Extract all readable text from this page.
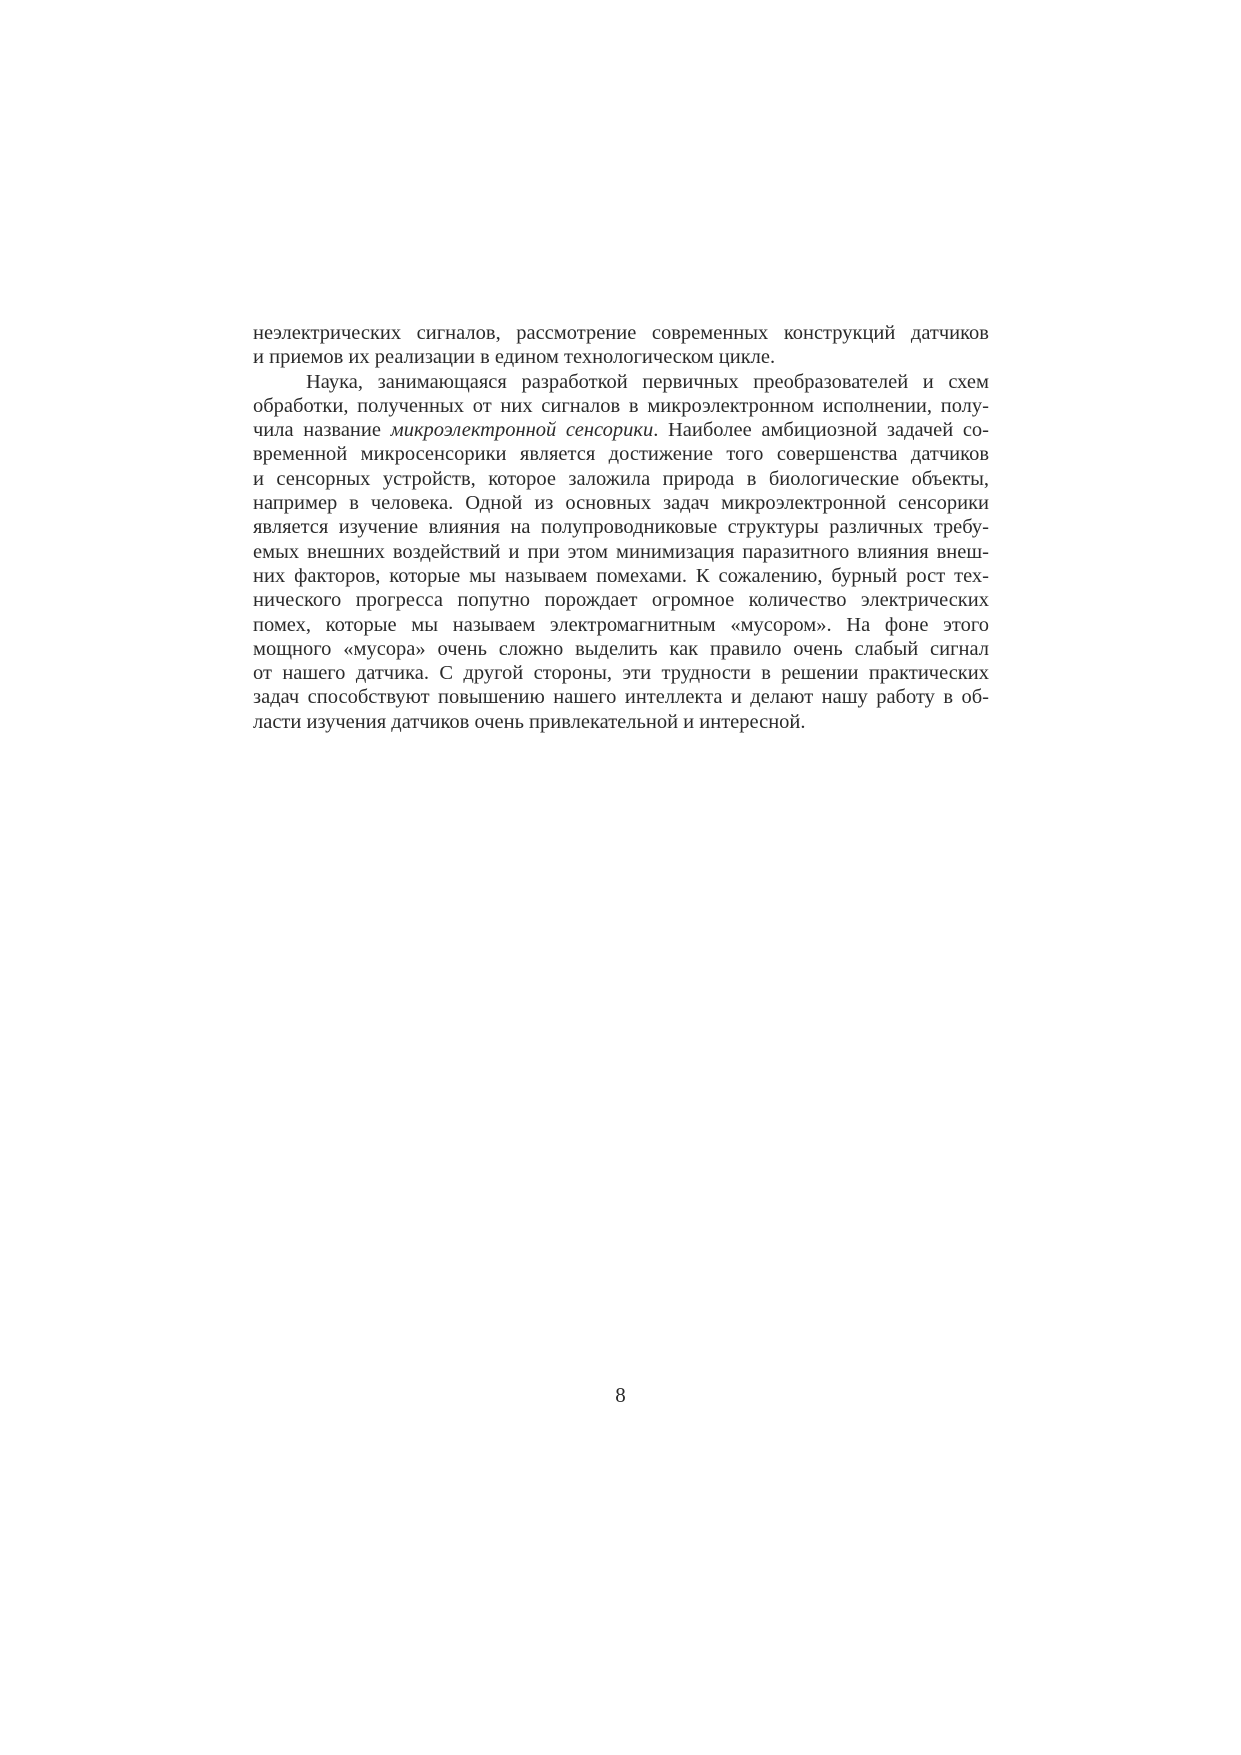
неэлектрических сигналов, рассмотрение современных конструкций датчиков
и приемов их реализации в едином технологическом цикле.
Наука, занимающаяся разработкой первичных преобразователей и схем
обработки, полученных от них сигналов в микроэлектронном исполнении, полу-
чила название микроэлектронной сенсорики. Наиболее амбициозной задачей со-
временной микросенсорики является достижение того совершенства датчиков
и сенсорных устройств, которое заложила природа в биологические объекты,
например в человека. Одной из основных задач микроэлектронной сенсорики
является изучение влияния на полупроводниковые структуры различных требу-
емых внешних воздействий и при этом минимизация паразитного влияния внеш-
них факторов, которые мы называем помехами. К сожалению, бурный рост тех-
нического прогресса попутно порождает огромное количество электрических
помех, которые мы называем электромагнитным «мусором». На фоне этого
мощного «мусора» очень сложно выделить как правило очень слабый сигнал
от нашего датчика. С другой стороны, эти трудности в решении практических
задач способствуют повышению нашего интеллекта и делают нашу работу в об-
ласти изучения датчиков очень привлекательной и интересной.
8
